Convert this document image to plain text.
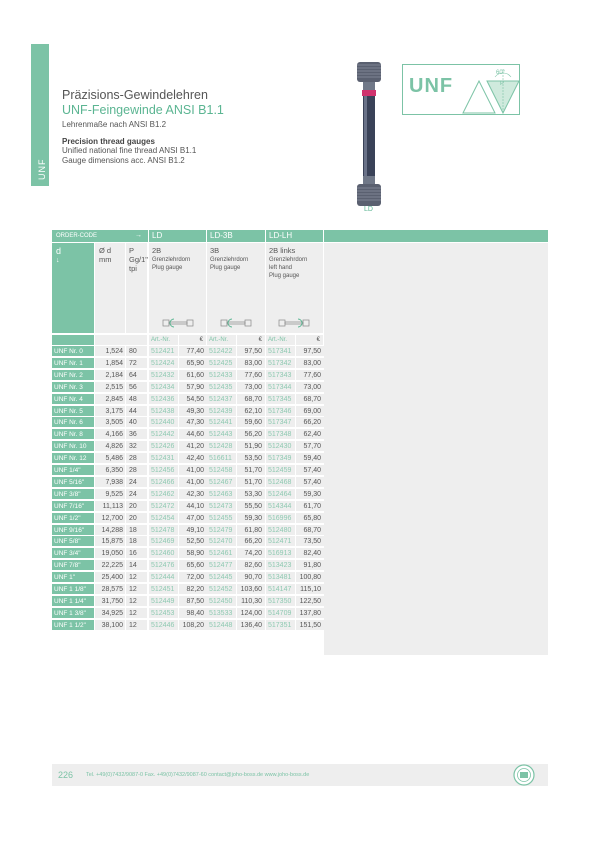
UNF
Präzisions-Gewindelehren
UNF-Feingewinde ANSI B1.1
Lehrenmaße nach ANSI B1.2
Precision thread gauges
Unified national fine thread ANSI B1.1
Gauge dimensions acc. ANSI B1.2
LD
UNF
60°
P
ORDER-CODE	→	LD	LD-3B	LD-LH
d
↓
Ø d
mm
P
Gg/1"
tpi
2B
Grenzlehrdorn
Plug gauge
3B
Grenzlehrdorn
Plug gauge
2B links
Grenzlehrdorn
left hand
Plug gauge
Art.-Nr.	€	Art.-Nr.	€	Art.-Nr.	€
UNF Nr. 0	1,524 80	512421	77,40 512422	97,50 517341	97,50
UNF Nr. 1	1,854 72	512424	65,90 512425	83,00 517342	83,00
UNF Nr. 2	2,184 64	512432	61,60 512433	77,60 517343	77,60
UNF Nr. 3	2,515 56	512434	57,90 512435	73,00 517344	73,00
UNF Nr. 4	2,845 48	512436	54,50 512437	68,70 517345	68,70
UNF Nr. 5	3,175 44	512438	49,30 512439	62,10 517346	69,00
UNF Nr. 6	3,505 40	512440	47,30 512441	59,60 517347	66,20
UNF Nr. 8	4,166 36	512442	44,60 512443	56,20 517348	62,40
UNF Nr. 10	4,826 32	512426	41,20 512428	51,90 512430	57,70
UNF Nr. 12	5,486 28	512431	42,40 516611	53,50 517349	59,40
UNF 1/4"	6,350 28	512456	41,00 512458	51,70 512459	57,40
UNF 5/16"	7,938 24	512466	41,00 512467	51,70 512468	57,40
UNF 3/8"	9,525 24	512462	42,30 512463	53,30 512464	59,30
UNF 7/16"	11,113 20	512472	44,10 512473	55,50 514344	61,70
UNF 1/2"	12,700 20	512454	47,00 512455	59,30 516996	65,80
UNF 9/16"	14,288 18	512478	49,10 512479	61,80 512480	68,70
UNF 5/8"	15,875 18	512469	52,50 512470	66,20 512471	73,50
UNF 3/4"	19,050 16	512460	58,90 512461	74,20 516913	82,40
UNF 7/8"	22,225 14	512476	65,60 512477	82,60 513423	91,80
UNF 1"	25,400 12	512444	72,00 512445	90,70 513481	100,80
UNF 1 1/8"	28,575 12	512451	82,20 512452	103,60 514147	115,10
UNF 1 1/4"	31,750 12	512449	87,50 512450	110,30 517350	122,50
UNF 1 3/8"	34,925 12	512453	98,40 513533	124,00 514709	137,80
UNF 1 1/2"	38,100 12	512446	108,20 512448	136,40 517351	151,50
226 Tel. +49(0)7432/9087-0 Fax. +49(0)7432/9087-60 contact@joho-boss.de www.joho-boss.de
